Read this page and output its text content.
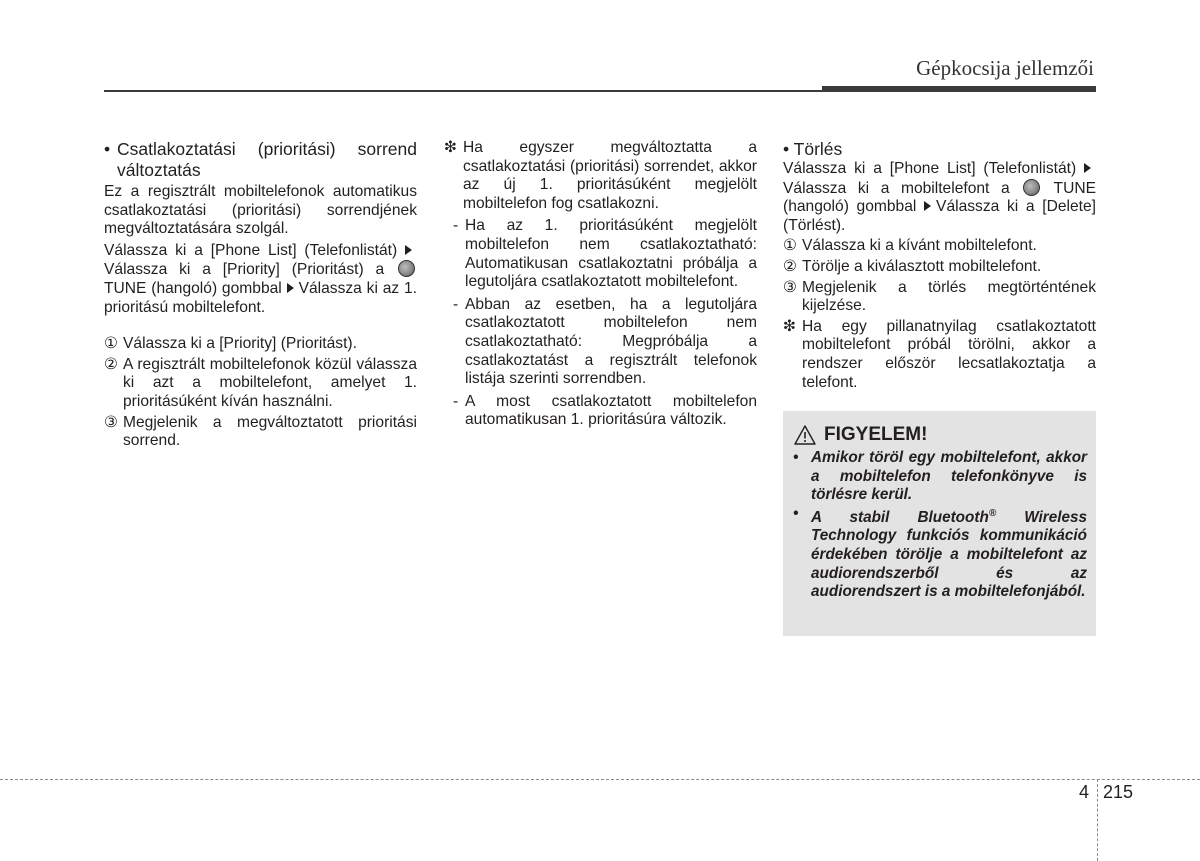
Gépkocsija jellemzői
• Csatlakoztatási (prioritási) sorrend változtatás

Ez a regisztrált mobiltelefonok automatikus csatlakoztatási (prioritási) sorrendjének megváltoztatására szolgál.

Válassza ki a [Phone List] (Telefonlistát) Válassza ki a [Priority] (Prioritást) a  TUNE (hangoló) gombbal Válassza ki az 1. prioritású mobiltelefont.

① Válassza ki a [Priority] (Prioritást).
② A regisztrált mobiltelefonok közül válassza ki azt a mobiltelefont, amelyet 1. prioritásúként kíván használni.
③ Megjelenik a megváltoztatott prioritási sorrend.
❇ Ha egyszer megváltoztatta a csatlakoztatási (prioritási) sorrendet, akkor az új 1. prioritásúként megjelölt mobiltelefon fog csatlakozni.
- Ha az 1. prioritásúként megjelölt mobiltelefon nem csatlakoztatható: Automatikusan csatlakoztatni próbálja a legutoljára csatlakoztatott mobiltelefont.
- Abban az esetben, ha a legutoljára csatlakoztatott mobiltelefon nem csatlakoztatható: Megpróbálja a csatlakoztatást a regisztrált telefonok listája szerinti sorrendben.
- A most csatlakoztatott mobiltelefon automatikusan 1. prioritásúra változik.
• Törlés

Válassza ki a [Phone List] (Telefonlistát) Válassza ki a mobiltelefont a	TUNE (hangoló) gombbal Válassza ki a [Delete] (Törlést).

① Válassza ki a kívánt mobiltelefont.
② Törölje a kiválasztott mobiltelefont.
③ Megjelenik a törlés megtörténtének kijelzése.
❇ Ha egy pillanatnyilag csatlakoztatott mobiltelefont próbál törölni, akkor a rendszer először lecsatlakoztatja a telefont.
FIGYELEM!
• Amikor töröl egy mobiltelefont, akkor a mobiltelefon telefonkönyve is törlésre kerül.
• A stabil Bluetooth® Wireless Technology funkciós kommunikáció érdekében törölje a mobiltelefont az audiorendszerből és az audiorendszert is a mobiltelefonjából.
4 215
